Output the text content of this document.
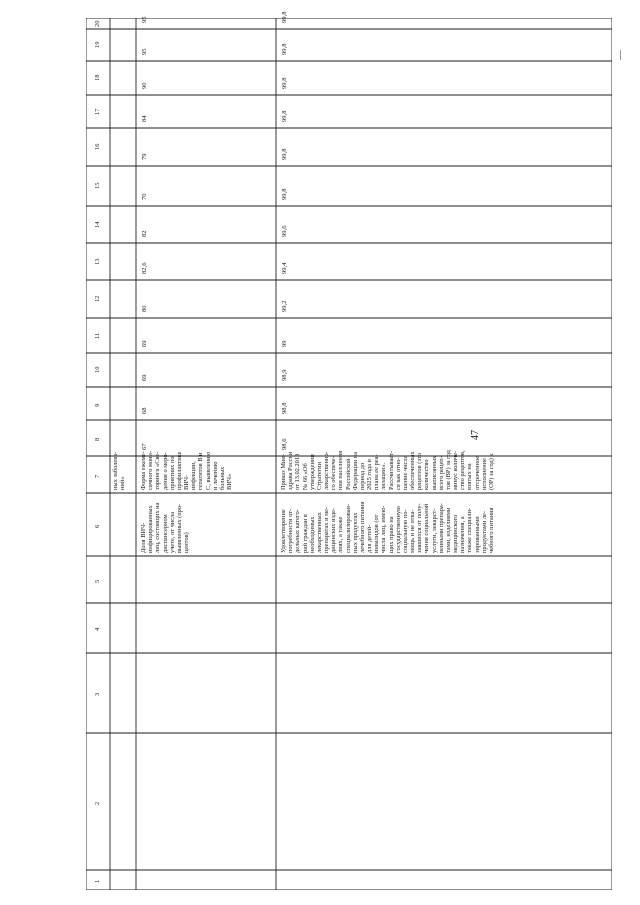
47
1
2
3
4
5
6
7
8
9
10
11
12
13
14
15
16
17
18
19
20
ных заболева- ний»
Доля ВИЧ- инфицированных лиц, состоящих на диспансерном учете, от числа выявленных (про- центов)
Форма ежеме- сячного мони- торинга «Све- дения о меро- приятиях по профилактике ВИЧ- инфекции, гепатитов В и С, выявлению и лечению больных ВИЧ»
67
68
69
69
80
82,6
82
70
79
84
90
95
95
Удовлетворение потребности от- дельных катего- рий граждан в необходимых лекарственных препаратах и ме- дицинских изде- лиях, а также специализирован- ных продуктах лечебного питания для детей- инвалидов (от числа лиц, имею- щих право на государственную социальную по- мощь и не отка- завшихся от полу- чения социальной услуги, лекарст- венными препара- тами, изделиями медицинского назначения, а также специали- зированными продуктами ле- чебного питания
Приказ Мин- здрава России от 13.02.2013 № 66 «Об утверждении Стратегии лекарственно- го обеспече- ния населения Российской Федерации на период до 2025 года и плана ее реа- лизации». Рассчитывает- ся как отно- шение числа обеспеченных рецептов (это количество выписанных всего рецеп- тов (ВР) за год минус количе- ство рецептов, взятых на отсроченное исполнение (ОР) за год) к
98,6
98,8
98,9
99
99,2
99,4
99,6
99,8
99,8
99,8
99,8
99,8
99,8
